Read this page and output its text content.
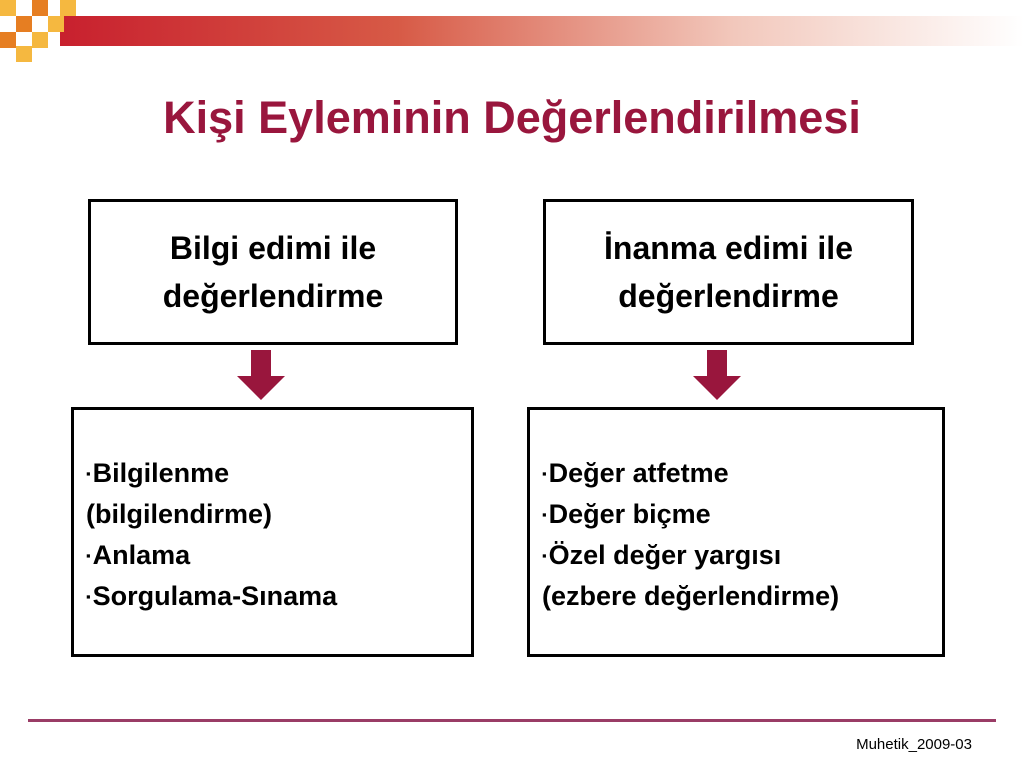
Kişi Eyleminin Değerlendirilmesi
Bilgi edimi ile
değerlendirme
İnanma edimi ile
değerlendirme
▪Bilgilenme
(bilgilendirme)
▪Anlama
▪Sorgulama-Sınama
▪Değer atfetme
▪Değer biçme
▪Özel değer yargısı
(ezbere değerlendirme)
Muhetik_2009-03
